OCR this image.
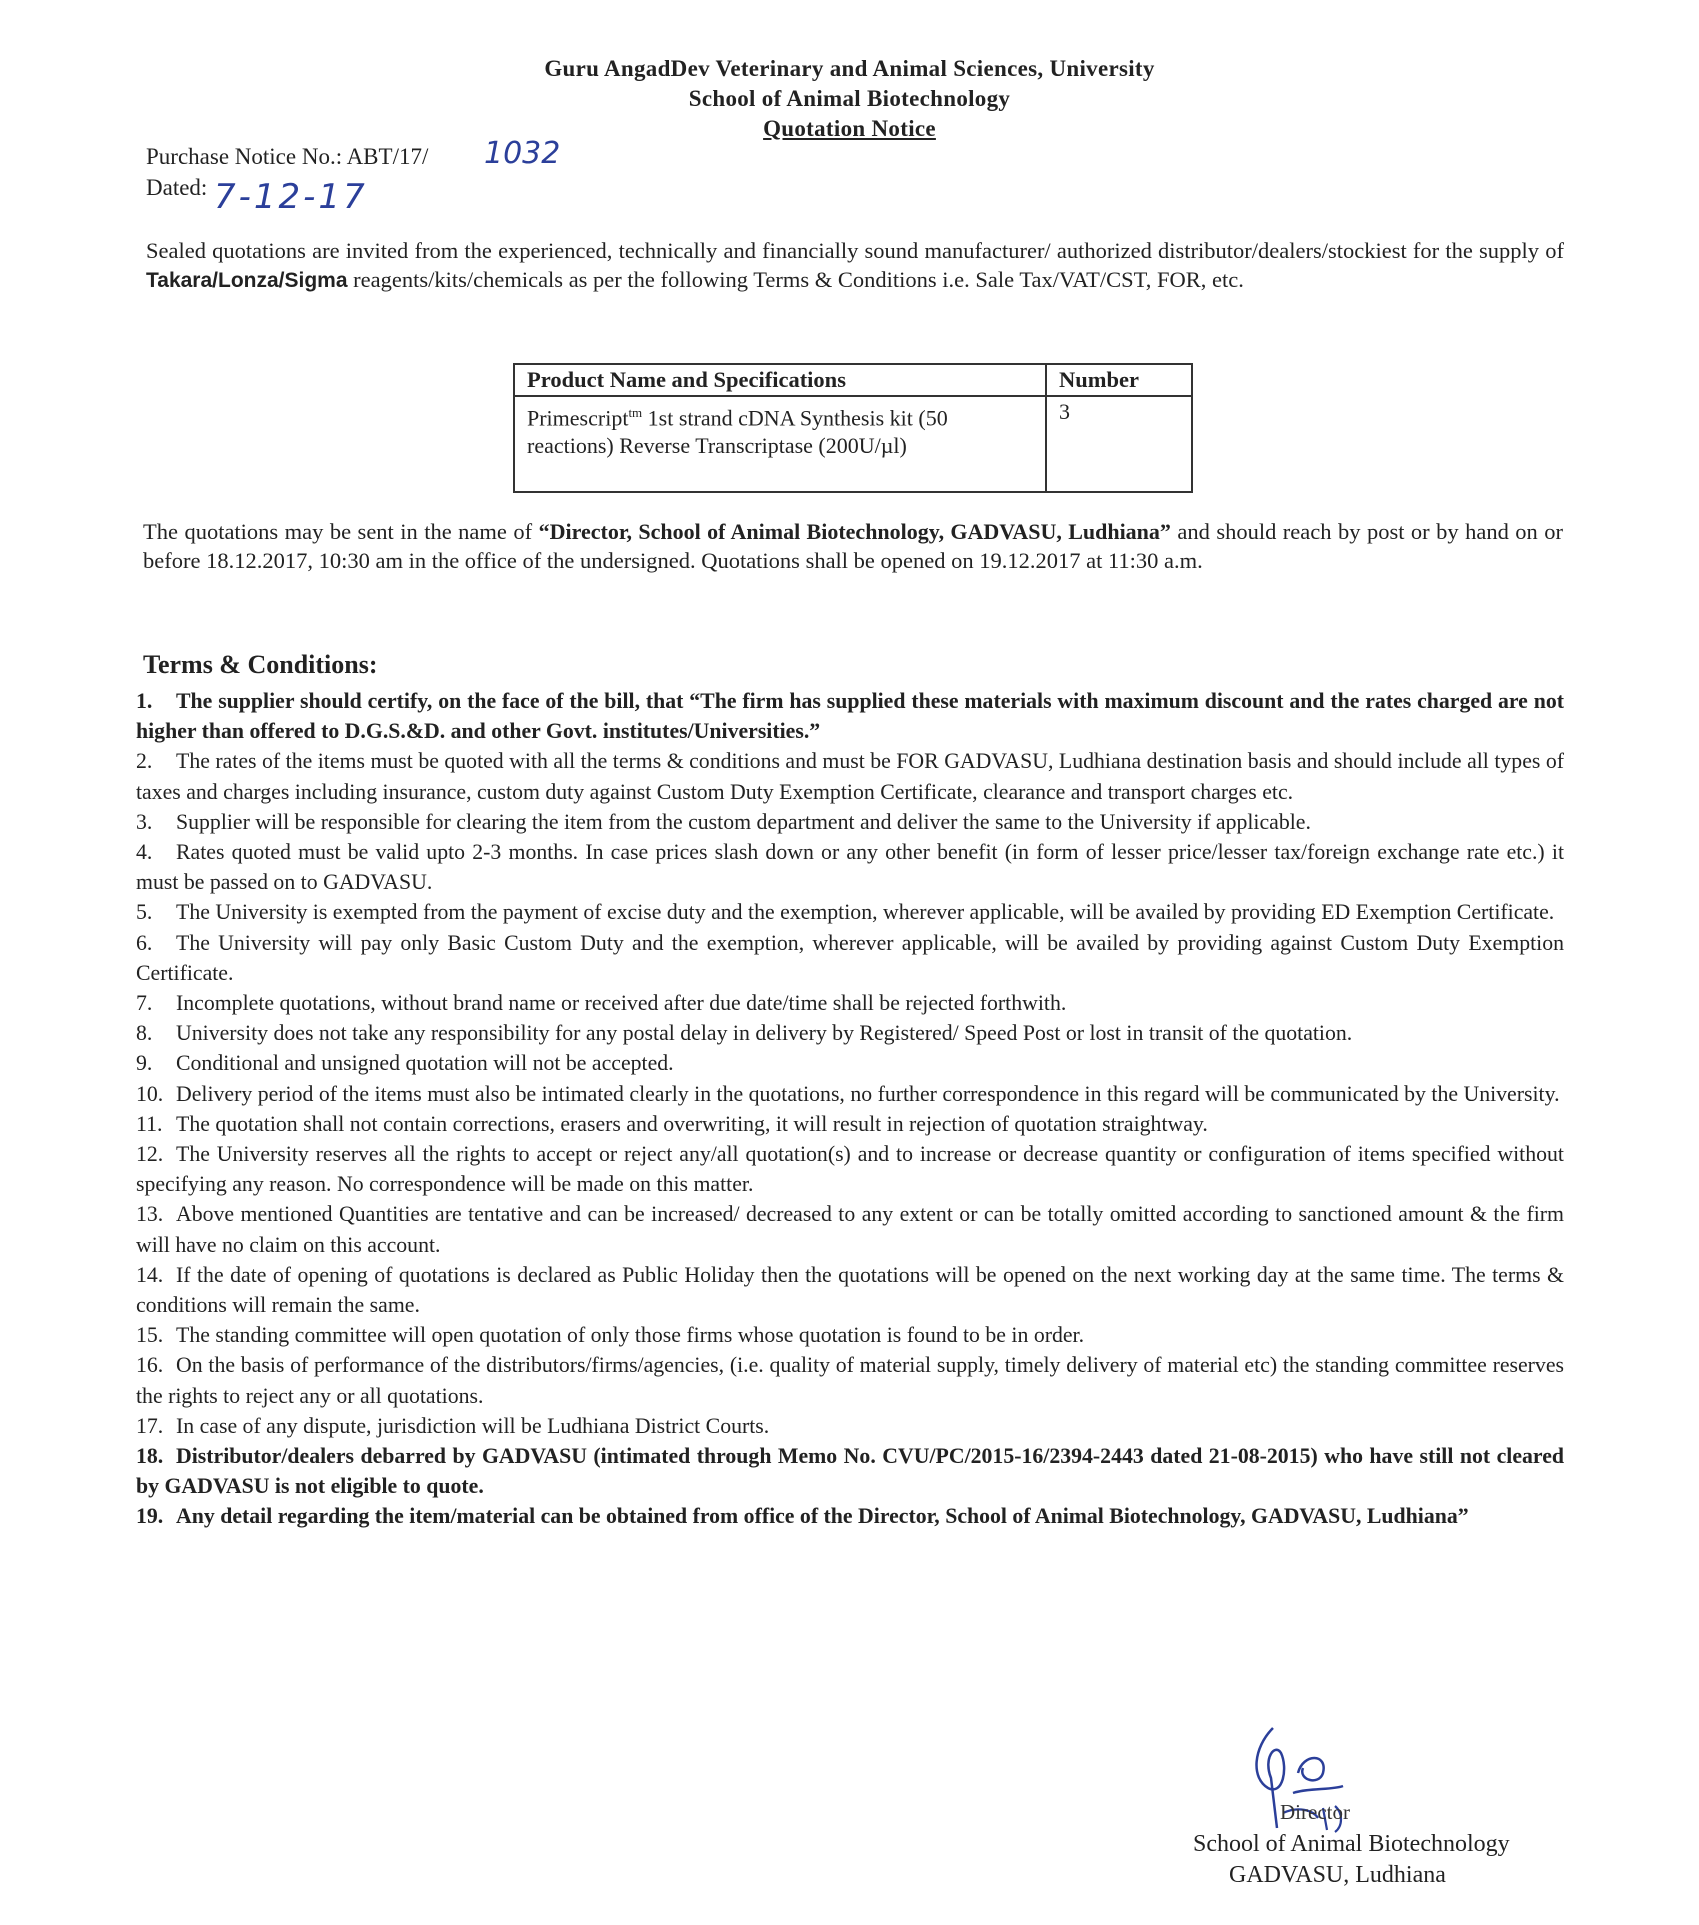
Guru AngadDev Veterinary and Animal Sciences, University
School of Animal Biotechnology
Quotation Notice
Purchase Notice No.: ABT/17/ 1032
Dated: 7-12-17
Sealed quotations are invited from the experienced, technically and financially sound manufacturer/ authorized distributor/dealers/stockiest for the supply of Takara/Lonza/Sigma reagents/kits/chemicals as per the following Terms & Conditions i.e. Sale Tax/VAT/CST, FOR, etc.
Product Name and Specifications	Number
Primescript$^{tm}$ 1st strand cDNA Synthesis kit (50 reactions) Reverse Transcriptase (200U/µl)	3
The quotations may be sent in the name of “Director, School of Animal Biotechnology, GADVASU, Ludhiana” and should reach by post or by hand on or before 18.12.2017, 10:30 am in the office of the undersigned. Quotations shall be opened on 19.12.2017 at 11:30 a.m.
Terms & Conditions:
1. The supplier should certify, on the face of the bill, that “The firm has supplied these materials with maximum discount and the rates charged are not higher than offered to D.G.S.&D. and other Govt. institutes/Universities.”
2. The rates of the items must be quoted with all the terms & conditions and must be FOR GADVASU, Ludhiana destination basis and should include all types of taxes and charges including insurance, custom duty against Custom Duty Exemption Certificate, clearance and transport charges etc.
3. Supplier will be responsible for clearing the item from the custom department and deliver the same to the University if applicable.
4. Rates quoted must be valid upto 2-3 months. In case prices slash down or any other benefit (in form of lesser price/lesser tax/foreign exchange rate etc.) it must be passed on to GADVASU.
5. The University is exempted from the payment of excise duty and the exemption, wherever applicable, will be availed by providing ED Exemption Certificate.
6. The University will pay only Basic Custom Duty and the exemption, wherever applicable, will be availed by providing against Custom Duty Exemption Certificate.
7. Incomplete quotations, without brand name or received after due date/time shall be rejected forthwith.
8. University does not take any responsibility for any postal delay in delivery by Registered/ Speed Post or lost in transit of the quotation.
9. Conditional and unsigned quotation will not be accepted.
10. Delivery period of the items must also be intimated clearly in the quotations, no further correspondence in this regard will be communicated by the University.
11. The quotation shall not contain corrections, erasers and overwriting, it will result in rejection of quotation straightway.
12. The University reserves all the rights to accept or reject any/all quotation(s) and to increase or decrease quantity or configuration of items specified without specifying any reason. No correspondence will be made on this matter.
13. Above mentioned Quantities are tentative and can be increased/ decreased to any extent or can be totally omitted according to sanctioned amount & the firm will have no claim on this account.
14. If the date of opening of quotations is declared as Public Holiday then the quotations will be opened on the next working day at the same time. The terms & conditions will remain the same.
15. The standing committee will open quotation of only those firms whose quotation is found to be in order.
16. On the basis of performance of the distributors/firms/agencies, (i.e. quality of material supply, timely delivery of material etc) the standing committee reserves the rights to reject any or all quotations.
17. In case of any dispute, jurisdiction will be Ludhiana District Courts.
18. Distributor/dealers debarred by GADVASU (intimated through Memo No. CVU/PC/2015-16/2394-2443 dated 21-08-2015) who have still not cleared by GADVASU is not eligible to quote.
19. Any detail regarding the item/material can be obtained from office of the Director, School of Animal Biotechnology, GADVASU, Ludhiana”
Director
School of Animal Biotechnology
GADVASU, Ludhiana
